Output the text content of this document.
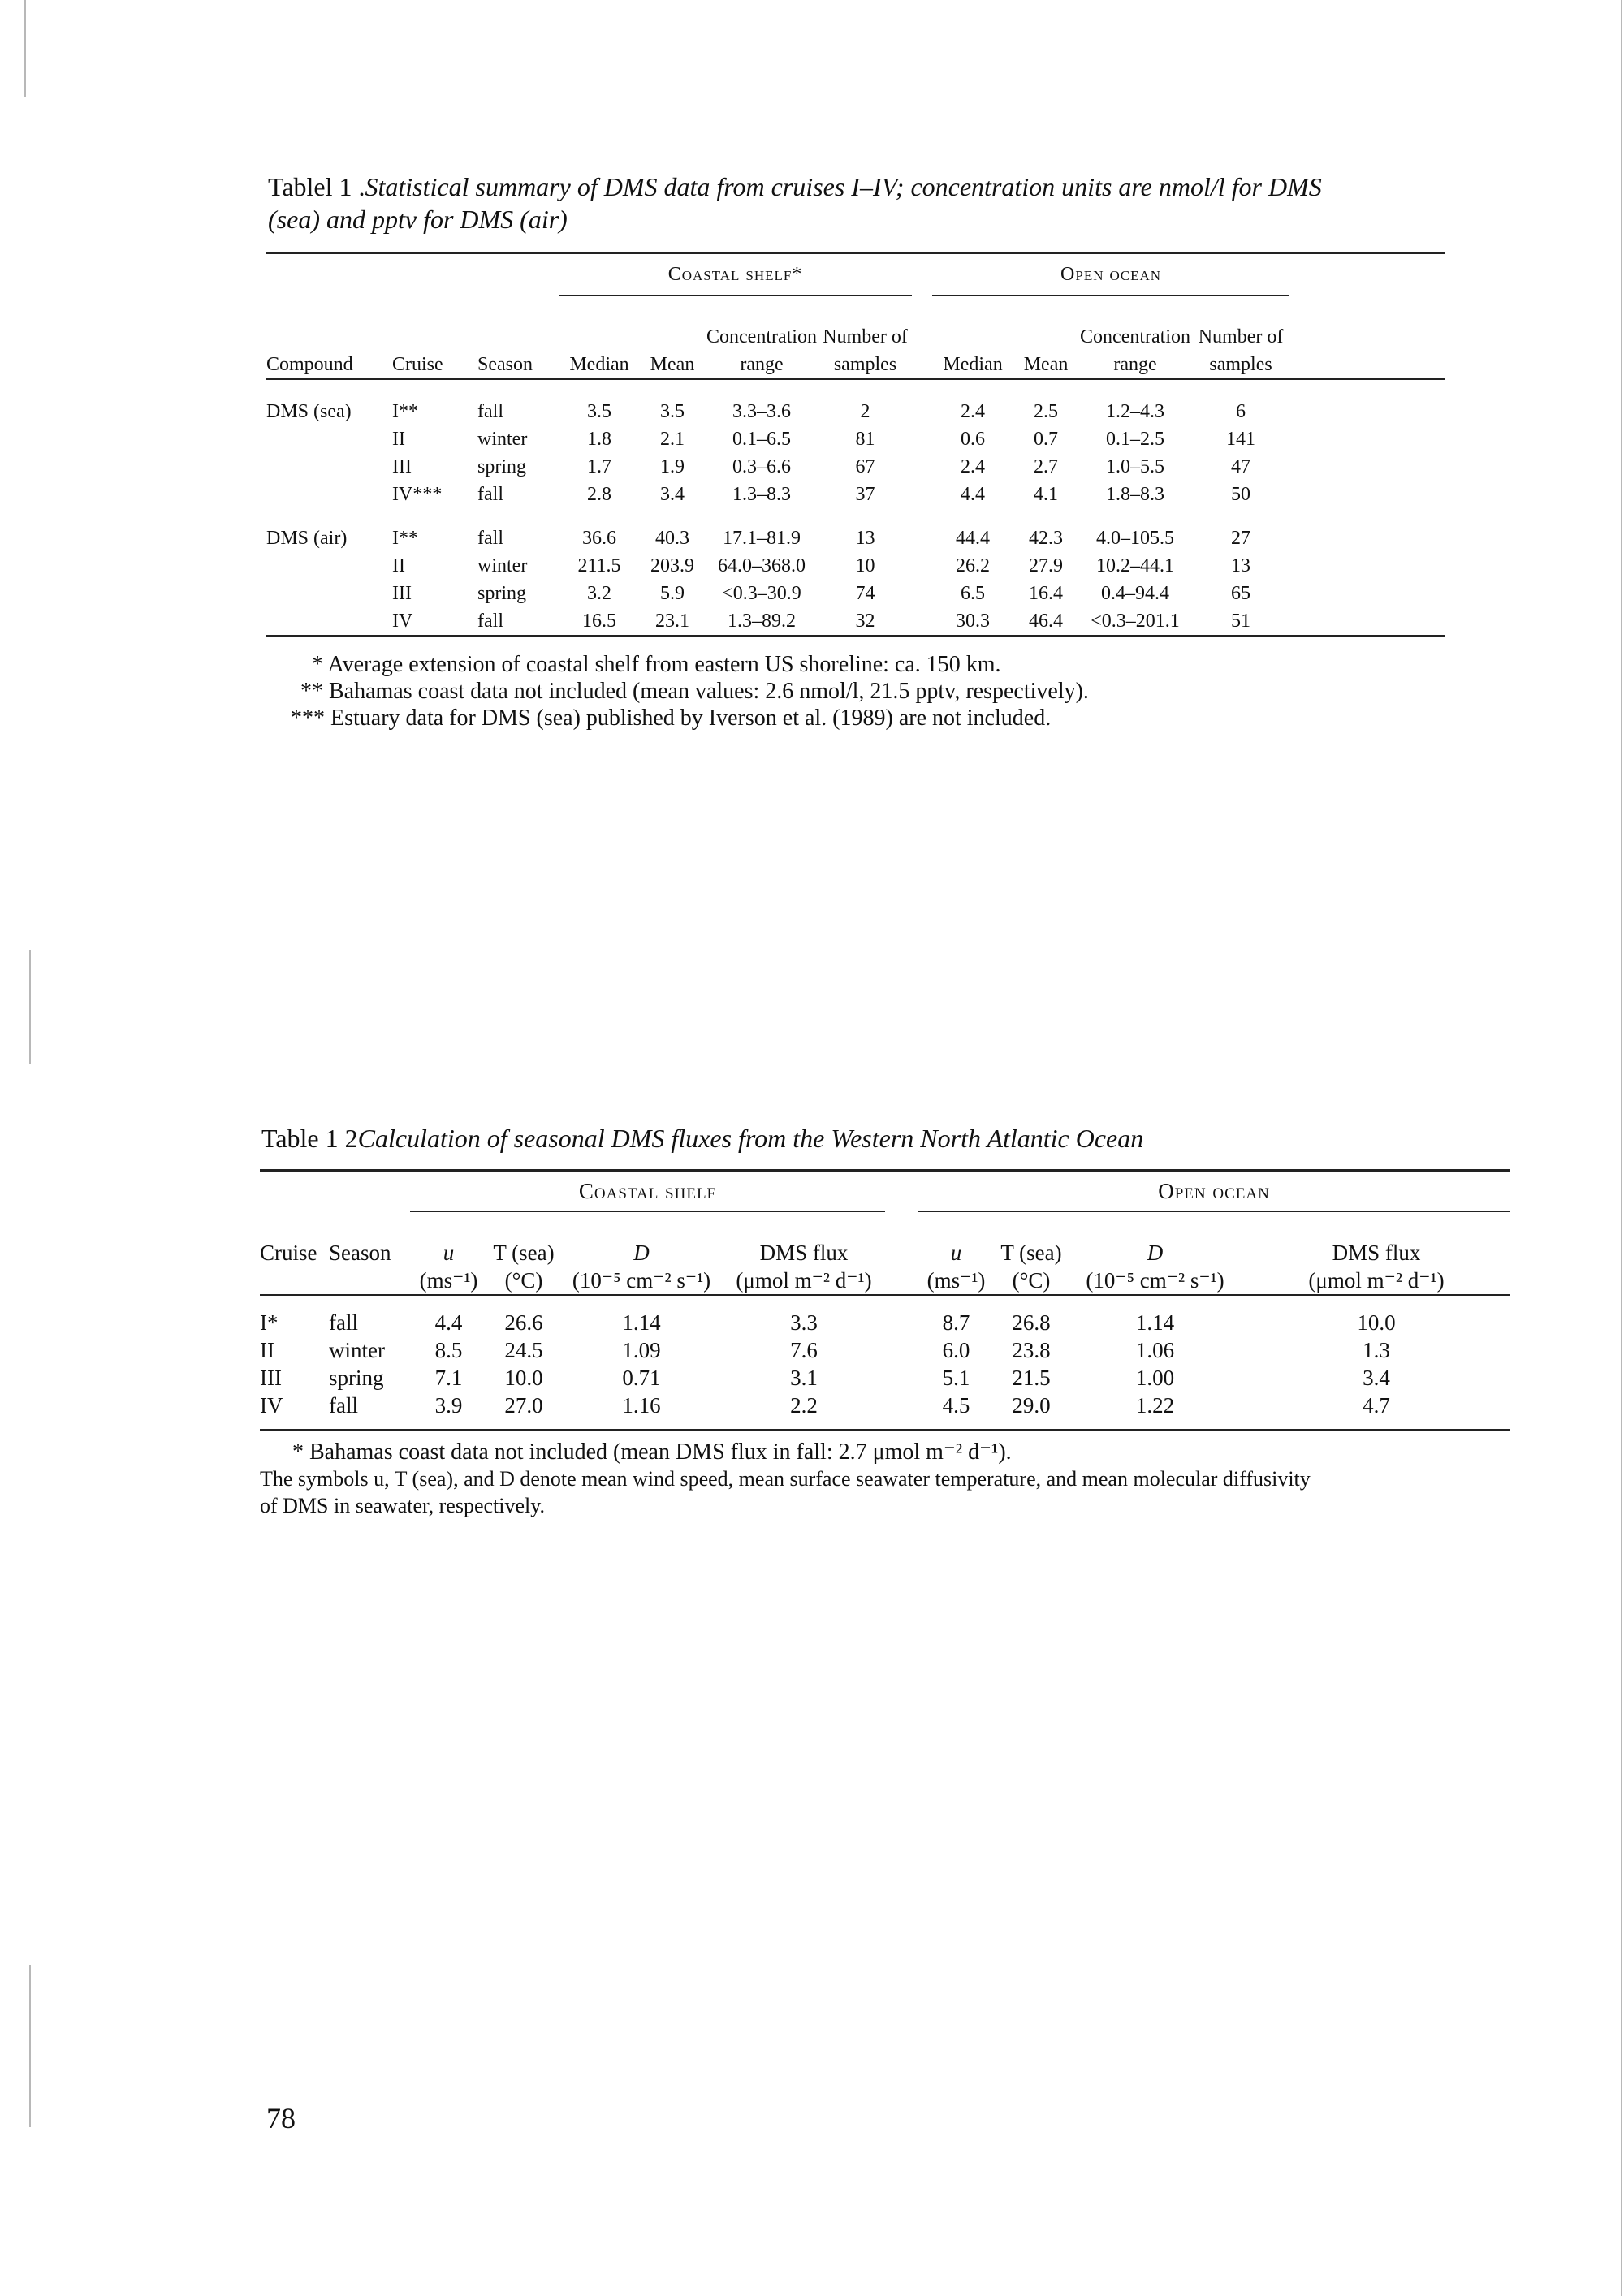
Tablel 1 .Statistical summary of DMS data from cruises I–IV; concentration units are nmol/l for DMS
(sea) and pptv for DMS (air)
			Coastal shelf*					Open ocean				

					Concentration	Number of				Concentration	Number of	
Compound	Cruise	Season	Median	Mean	range	samples		Median	Mean	range	samples	

DMS (sea)	I**	fall	3.5	3.5	3.3–3.6	2		2.4	2.5	1.2–4.3	6	
	II	winter	1.8	2.1	0.1–6.5	81		0.6	0.7	0.1–2.5	141	
	III	spring	1.7	1.9	0.3–6.6	67		2.4	2.7	1.0–5.5	47	
	IV***	fall	2.8	3.4	1.3–8.3	37		4.4	4.1	1.8–8.3	50	

DMS (air)	I**	fall	36.6	40.3	17.1–81.9	13		44.4	42.3	4.0–105.5	27	
	II	winter	211.5	203.9	64.0–368.0	10		26.2	27.9	10.2–44.1	13	
	III	spring	3.2	5.9	<0.3–30.9	74		6.5	16.4	0.4–94.4	65	
	IV	fall	16.5	23.1	1.3–89.2	32		30.3	46.4	<0.3–201.1	51	

* Average extension of coastal shelf from eastern US shoreline: ca. 150 km.
** Bahamas coast data not included (mean values: 2.6 nmol/l, 21.5 pptv, respectively).
*** Estuary data for DMS (sea) published by Iverson et al. (1989) are not included.
Table 1 2Calculation of seasonal DMS fluxes from the Western North Atlantic Ocean
		Coastal shelf					Open ocean			

Cruise	Season	u	T (sea)	D	DMS flux		u	T (sea)	D	DMS flux
		(ms⁻¹)	(°C)	(10⁻⁵ cm⁻² s⁻¹)	(μmol m⁻² d⁻¹)		(ms⁻¹)	(°C)	(10⁻⁵ cm⁻² s⁻¹)	(μmol m⁻² d⁻¹)

I*	fall	4.4	26.6	1.14	3.3		8.7	26.8	1.14	10.0
II	winter	8.5	24.5	1.09	7.6		6.0	23.8	1.06	1.3
III	spring	7.1	10.0	0.71	3.1		5.1	21.5	1.00	3.4
IV	fall	3.9	27.0	1.16	2.2		4.5	29.0	1.22	4.7

* Bahamas coast data not included (mean DMS flux in fall: 2.7 μmol m⁻² d⁻¹).
The symbols u, T (sea), and D denote mean wind speed, mean surface seawater temperature, and mean molecular diffusivity
of DMS in seawater, respectively.
78
